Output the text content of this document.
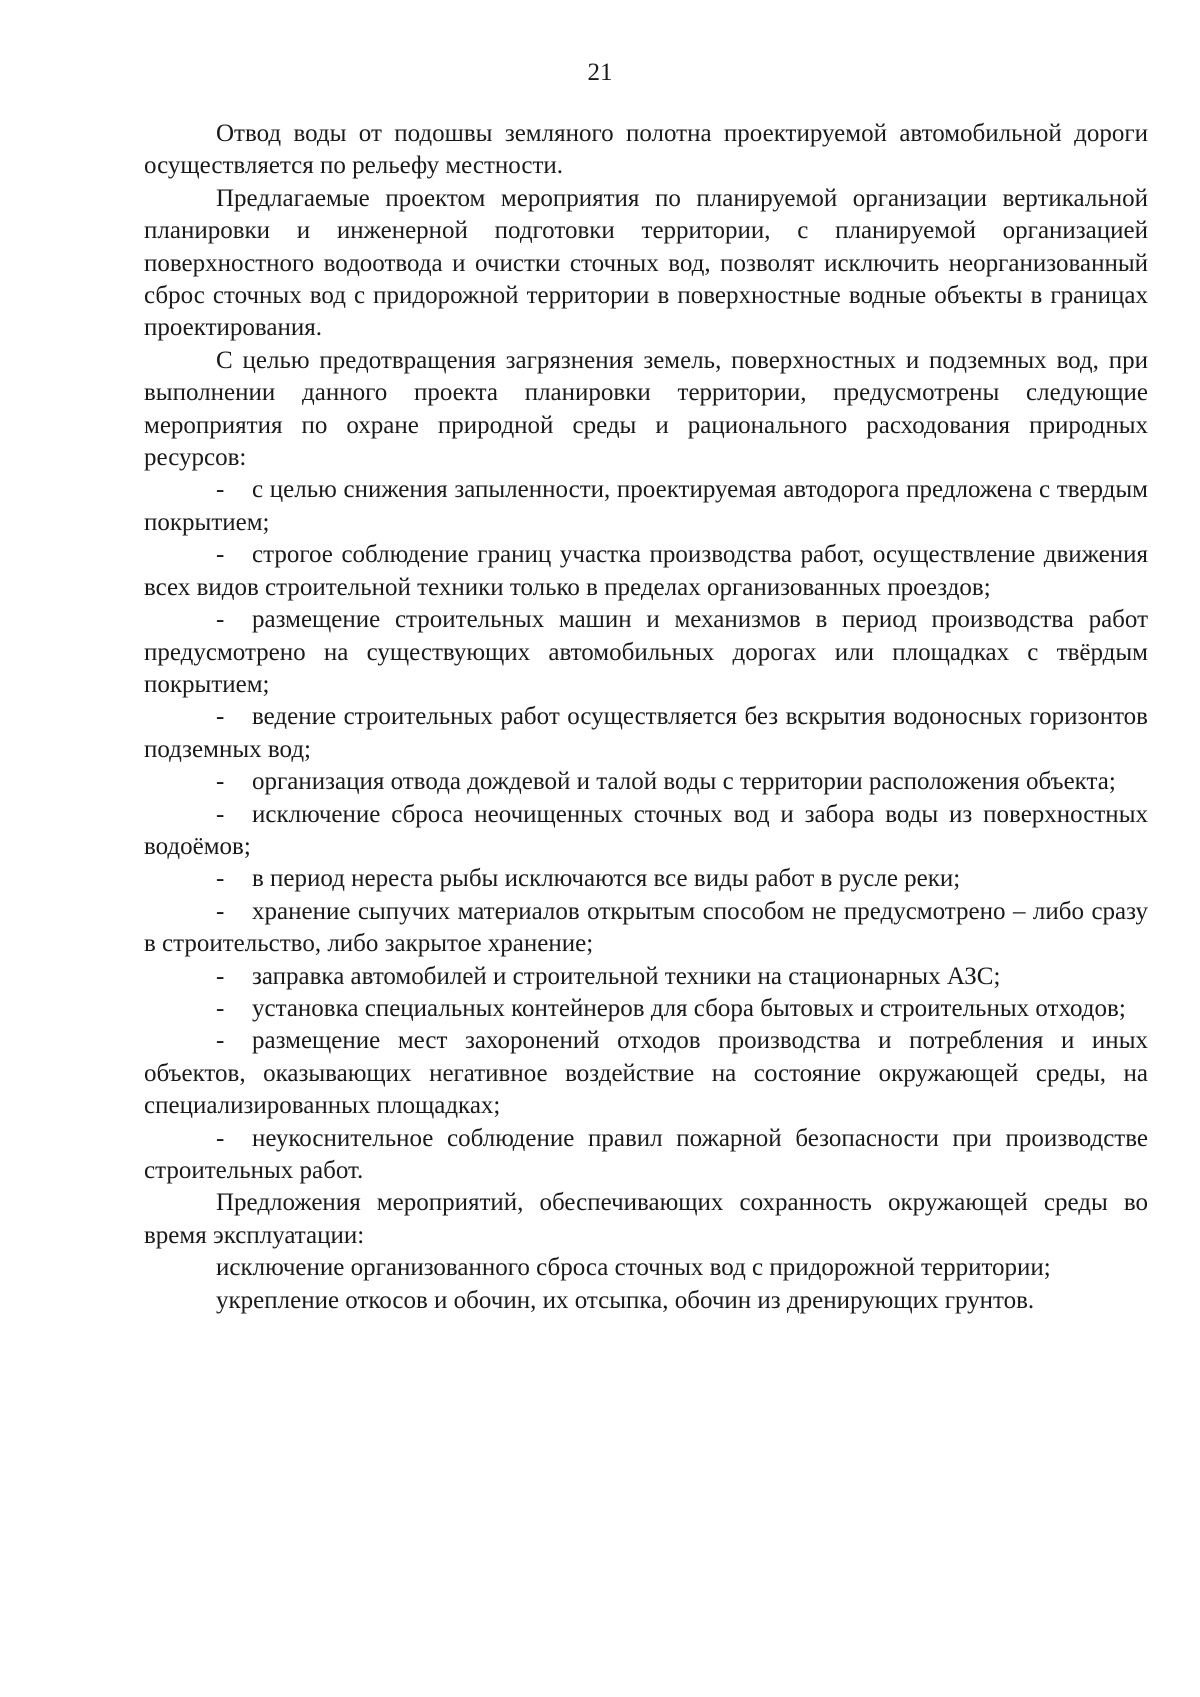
21

Отвод воды от подошвы земляного полотна проектируемой автомобильной дороги осуществляется по рельефу местности.

Предлагаемые проектом мероприятия по планируемой организации вертикальной планировки и инженерной подготовки территории, с планируемой организацией поверхностного водоотвода и очистки сточных вод, позволят исключить неорганизованный сброс сточных вод с придорожной территории в поверхностные водные объекты в границах проектирования.

С целью предотвращения загрязнения земель, поверхностных и подземных вод, при выполнении данного проекта планировки территории, предусмотрены следующие мероприятия по охране природной среды и рационального расходования природных ресурсов:

- с целью снижения запыленности, проектируемая автодорога предложена с твердым покрытием;

- строгое соблюдение границ участка производства работ, осуществление движения всех видов строительной техники только в пределах организованных проездов;

- размещение строительных машин и механизмов в период производства работ предусмотрено на существующих автомобильных дорогах или площадках с твёрдым покрытием;

- ведение строительных работ осуществляется без вскрытия водоносных горизонтов подземных вод;

- организация отвода дождевой и талой воды с территории расположения объекта;

- исключение сброса неочищенных сточных вод и забора воды из поверхностных водоёмов;

- в период нереста рыбы исключаются все виды работ в русле реки;

- хранение сыпучих материалов открытым способом не предусмотрено – либо сразу в строительство, либо закрытое хранение;

- заправка автомобилей и строительной техники на стационарных АЗС;

- установка специальных контейнеров для сбора бытовых и строительных отходов;

- размещение мест захоронений отходов производства и потребления и иных объектов, оказывающих негативное воздействие на состояние окружающей среды, на специализированных площадках;

- неукоснительное соблюдение правил пожарной безопасности при производстве строительных работ.

Предложения мероприятий, обеспечивающих сохранность окружающей среды во время эксплуатации:

исключение организованного сброса сточных вод с придорожной территории;

укрепление откосов и обочин, их отсыпка, обочин из дренирующих грунтов.
